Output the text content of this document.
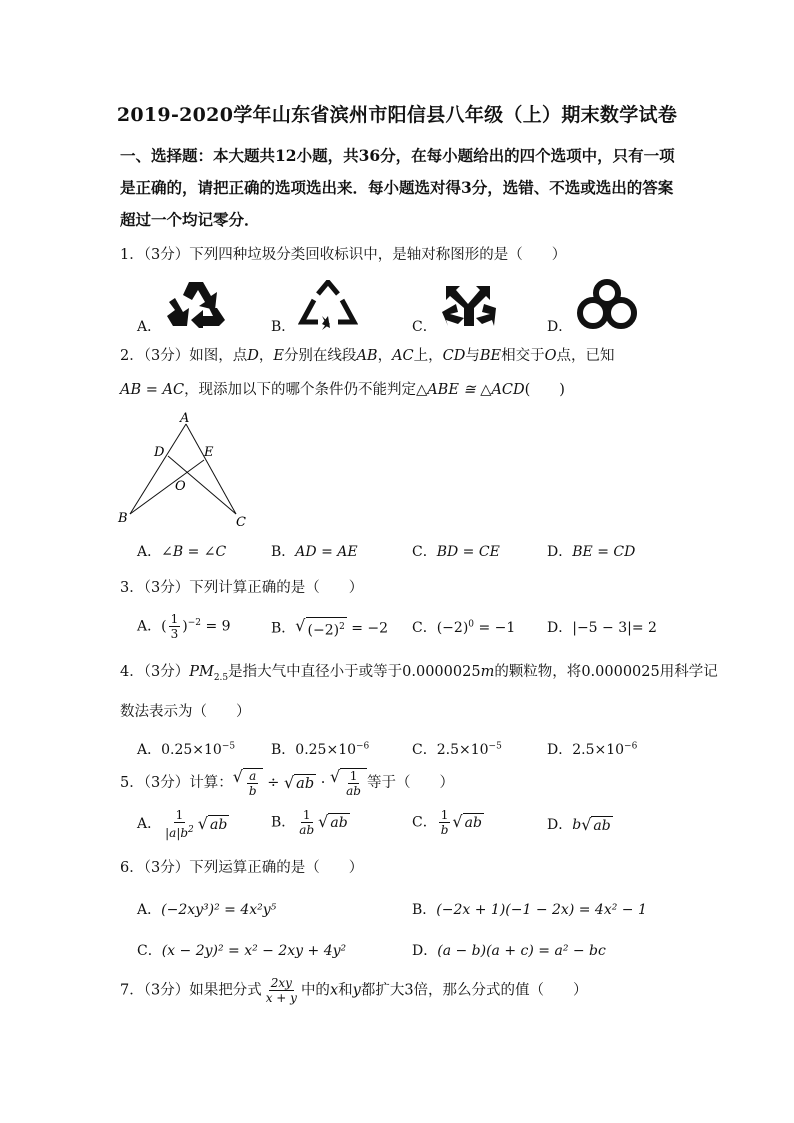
2019-2020学年山东省滨州市阳信县八年级（上）期末数学试卷
一、选择题：本大题共12小题，共36分，在每小题给出的四个选项中，只有一项是正确的，请把正确的选项选出来．每小题选对得3分，选错、不选或选出的答案超过一个均记零分．
1．（3分）下列四种垃圾分类回收标识中，是轴对称图形的是（　　）
A．	B．	C．	D．
2．（3分）如图，点D，E分别在线段AB，AC上，CD与BE相交于O点，已知
AB = AC，现添加以下的哪个条件仍不能判定△ABE ≅ △ACD(　　)
A
D	E
O
B	C
A．∠B = ∠C	B．AD = AE	C．BD = CE	D．BE = CD
3．（3分）下列计算正确的是（　　）
A．( $\frac{1}{3} )^{-2} = 9$	B． √ $(-2)^2 = -2$ C．$(-2)^0 = -1$ D．|−5 − 3|= 2
4．（3分）$PM_{2.5}$是指大气中直径小于或等于0.0000025m的颗粒物，将0.0000025用科学记
数法表示为（　　）
A．$0.25\times 10^{-5}$	B．$0.25\times 10^{-6}$	C．$2.5\times 10^{-5}$	D．$2.5\times 10^{-6}$
5．（3分）计算： √ $\frac{a}{b}$ ÷ √ ab · √ $\frac{1}{ab}$ 等于（　　）
A． $\frac{1}{|a|b^2}$ √ ab	B． $\frac{1}{ab}$ √ ab	C． $\frac{1}{b}$ √ ab	D．b √ ab
6．（3分）下列运算正确的是（　　）
A．(−2xy³)² = 4x²y⁵	B．(−2x + 1)(−1 − 2x) = 4x² − 1
C．(x − 2y)² = x² − 2xy + 4y²	D．(a − b)(a + c) = a² − bc
7．（3分）如果把分式 $\frac{2xy}{x + y}$ 中的x和y都扩大3倍，那么分式的值（　　）
